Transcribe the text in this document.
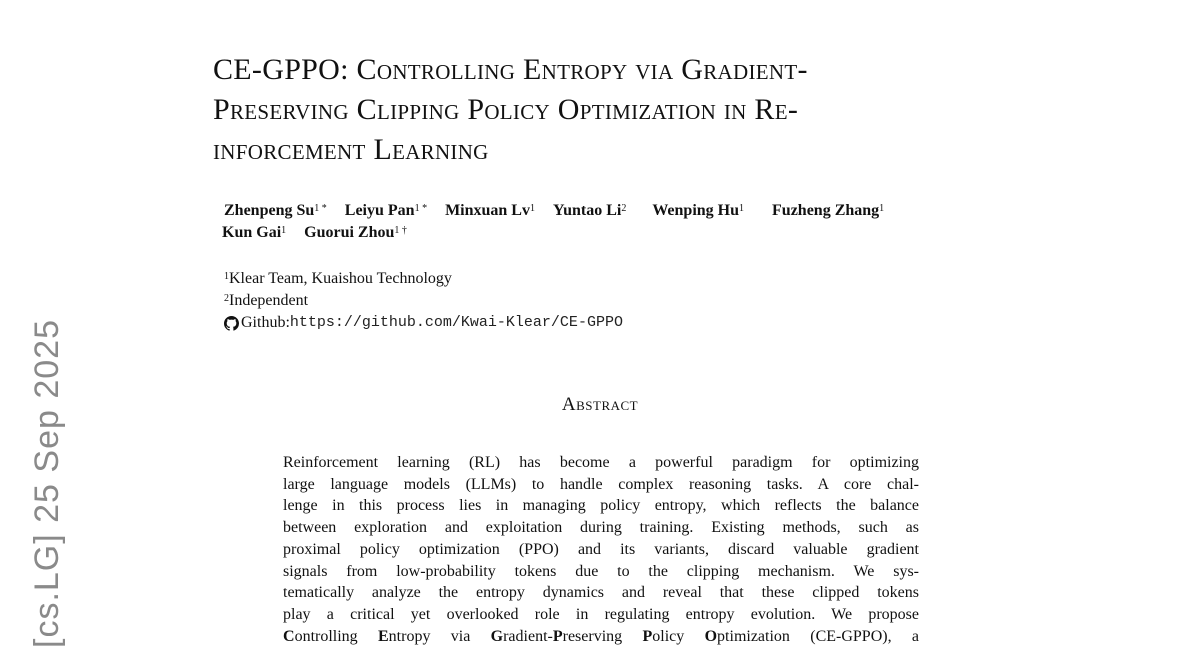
[cs.LG] 25 Sep 2025
CE-GPPO: Controlling Entropy via Gradient-
Preserving Clipping Policy Optimization in Re-
inforcement Learning
Zhenpeng $Su^{1 *}$ Leiyu Pan$^{1 *}$ Minxuan Lv$^1$ Yuntao Li$^2$ Wenping Hu$^1$ Fuzheng Zhang$^1$
Kun Gai$^1$ Guorui Zhou$^{1 \dagger}$
$^1$Klear Team, Kuaishou Technology
$^2$Independent
Github: https://github.com/Kwai-Klear/CE-GPPO
Abstract
Reinforcement learning (RL) has become a powerful paradigm for optimizing
large language models (LLMs) to handle complex reasoning tasks. A core chal-
lenge in this process lies in managing policy entropy, which reflects the balance
between exploration and exploitation during training. Existing methods, such as
proximal policy optimization (PPO) and its variants, discard valuable gradient
signals from low-probability tokens due to the clipping mechanism. We sys-
tematically analyze the entropy dynamics and reveal that these clipped tokens
play a critical yet overlooked role in regulating entropy evolution. We propose
Controlling Entropy via Gradient-Preserving Policy Optimization (CE-GPPO), a
